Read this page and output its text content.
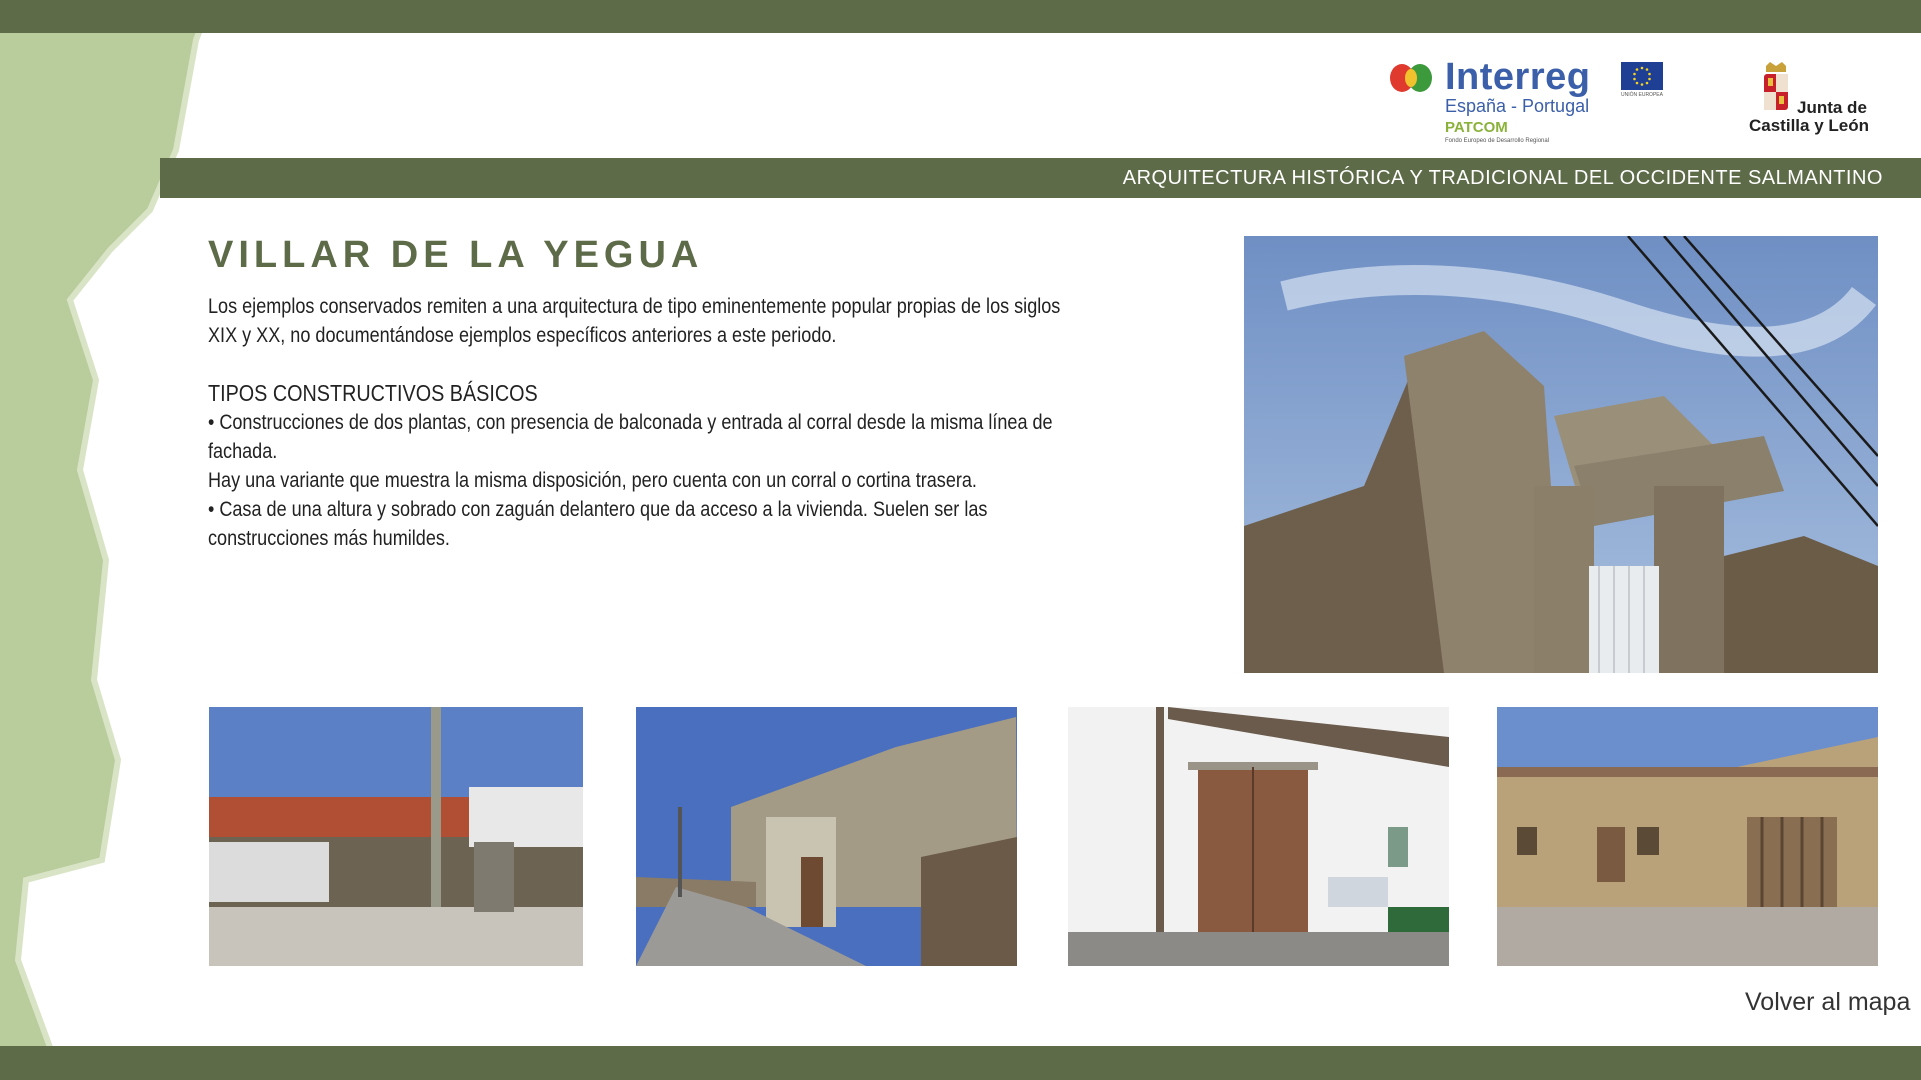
Interreg
España - Portugal
PATCOM
Fondo Europeo de Desarrollo Regional
UNIÓN EUROPEA
Junta de
Castilla y León
ARQUITECTURA HISTÓRICA Y TRADICIONAL DEL OCCIDENTE SALMANTINO
VILLAR DE LA YEGUA

Los ejemplos conservados remiten a una arquitectura de tipo eminentemente popular propias de los siglos XIX y XX, no documentándose ejemplos específicos anteriores a este periodo.

TIPOS CONSTRUCTIVOS BÁSICOS

• Construcciones de dos plantas, con presencia de balconada y entrada al corral desde la misma línea de fachada.

Hay una variante que muestra la misma disposición, pero cuenta con un corral o cortina trasera.

• Casa de una altura y sobrado con zaguán delantero que da acceso a la vivienda. Suelen ser las construcciones más humildes.

Volver al mapa
